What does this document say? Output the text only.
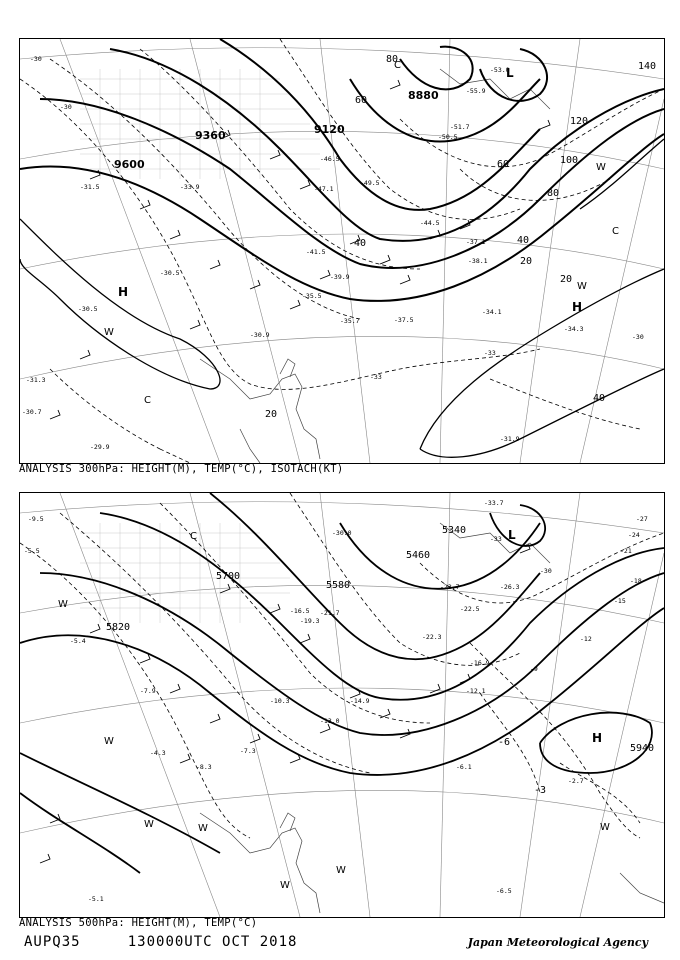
9600
9360	9120
8880
140
120
100
80
60
40
20
40
20
60
80
20
40
-30
-30
-31.5
-30.5
-30.9
-35.5
-35.7	-37.5
-39.9
-41.5
-44.5
-46.5
-47.1
-49.5
-50.5
-51.7
-53.0
-55.9
-37.1
-38.1
-34.1
-34.3
-33
-33
-30
-29.9
-31.9
-30.7
-31.3
-30.5
-33.9
H
H
L
W
W
W
C
C
C
ANALYSIS 300hPa: HEIGHT(M), TEMP(°C), ISOTACH(KT)
5820
5700
5580
5460
5340
5940
-3
-6
-9
-12
-15
-18
-21
-24
-27
-30
-33
-9.5
-5.5
-5.4
-7.9
-8.3
-10.3
-13.0
-14.9
-16.5
-19.3
-21.7
-22.3
-22.5
-23.7	-26.3
-30.0
-33.7
-16.9
-12.1
-6.1
-2.7
-6.5
-5.1
-4.3	-7.3
H
L
W
W
W	W
W
W
W
C
ANALYSIS 500hPa: HEIGHT(M), TEMP(°C)
AUPQ35	130000UTC OCT 2018	Japan Meteorological Agency
